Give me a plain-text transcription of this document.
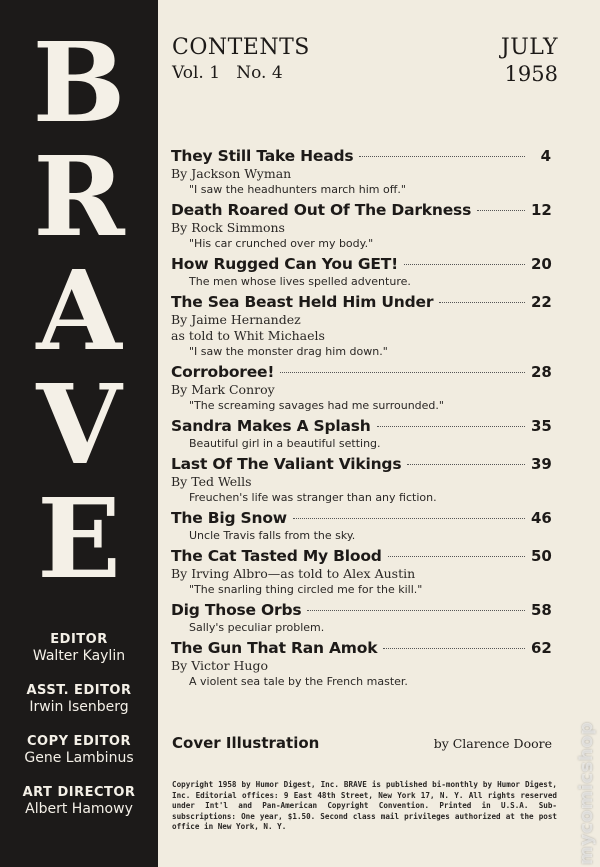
B
R
A
V
E
EDITOR
Walter Kaylin
ASST. EDITOR
Irwin Isenberg
COPY EDITOR
Gene Lambinus
ART DIRECTOR
Albert Hamowy
CONTENTS
Vol. 1   No. 4
JULY
1958
They Still Take Heads	4
By Jackson Wyman
"I saw the headhunters march him off."
Death Roared Out Of The Darkness	12
By Rock Simmons
"His car crunched over my body."
How Rugged Can You GET!	20
The men whose lives spelled adventure.
The Sea Beast Held Him Under	22
By Jaime Hernandez
as told to Whit Michaels
"I saw the monster drag him down."
Corroboree!	28
By Mark Conroy
"The screaming savages had me surrounded."
Sandra Makes A Splash	35
Beautiful girl in a beautiful setting.
Last Of The Valiant Vikings	39
By Ted Wells
Freuchen's life was stranger than any fiction.
The Big Snow	46
Uncle Travis falls from the sky.
The Cat Tasted My Blood	50
By Irving Albro—as told to Alex Austin
"The snarling thing circled me for the kill."
Dig Those Orbs	58
Sally's peculiar problem.
The Gun That Ran Amok	62
By Victor Hugo
A violent sea tale by the French master.
Cover Illustration	by Clarence Doore
Copyright 1958 by Humor Digest, Inc. BRAVE is published bi-monthly by Humor Digest, Inc. Editorial offices: 9 East 48th Street, New York 17, N. Y. All rights reserved under Int'l and Pan-American Copyright Convention. Printed in U.S.A. Sub-subscriptions: One year, $1.50. Second class mail privileges authorized at the post office in New York, N. Y.	mycomicshop
